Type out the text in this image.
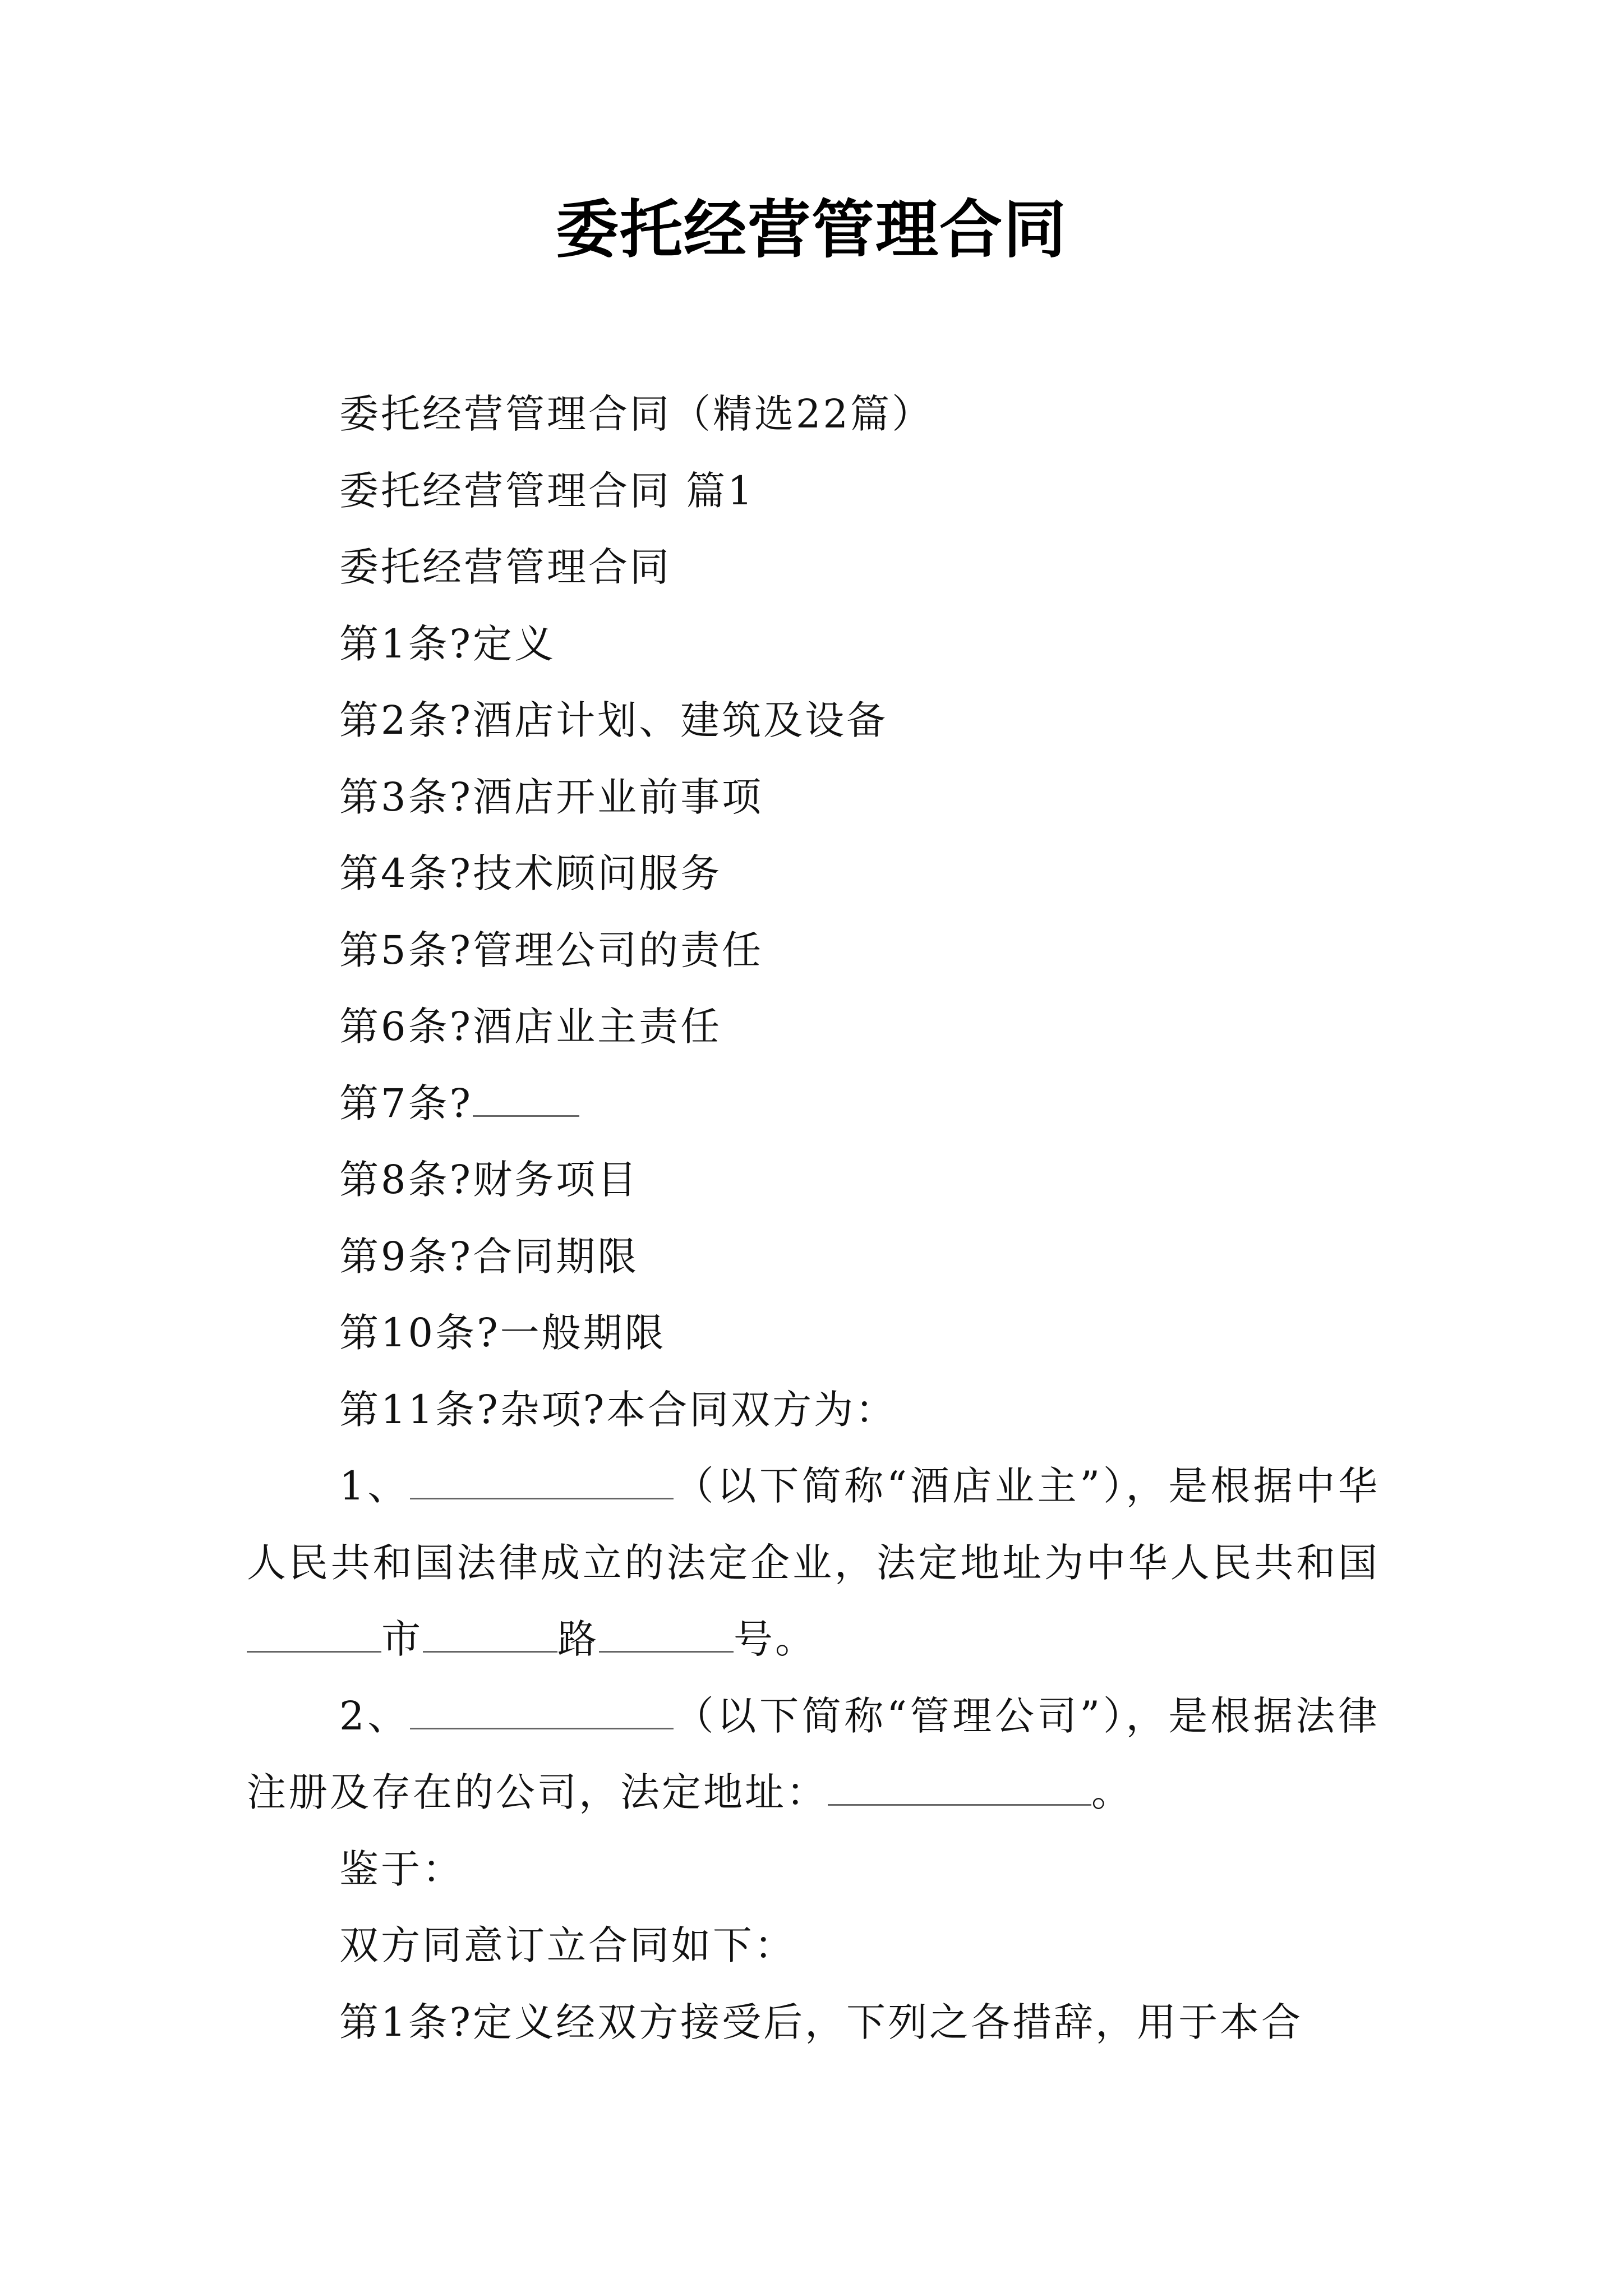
委托经营管理合同

委托经营管理合同（精选22篇）

委托经营管理合同 篇1

委托经营管理合同

第1条?定义

第2条?酒店计划、建筑及设备

第3条?酒店开业前事项

第4条?技术顾问服务

第5条?管理公司的责任

第6条?酒店业主责任

第7条?

第8条?财务项目

第9条?合同期限

第10条?一般期限

第11条?杂项?本合同双方为：

1、	（以下简称“酒店业主”），是根据中华人民共和国法律成立的法定企业，法定地址为中华人民共和国市	路	号。

2、	（以下简称“管理公司”），是根据法律注册及存在的公司，法定地址：	。

鉴于：

双方同意订立合同如下：

第1条?定义经双方接受后，下列之各措辞，用于本合
